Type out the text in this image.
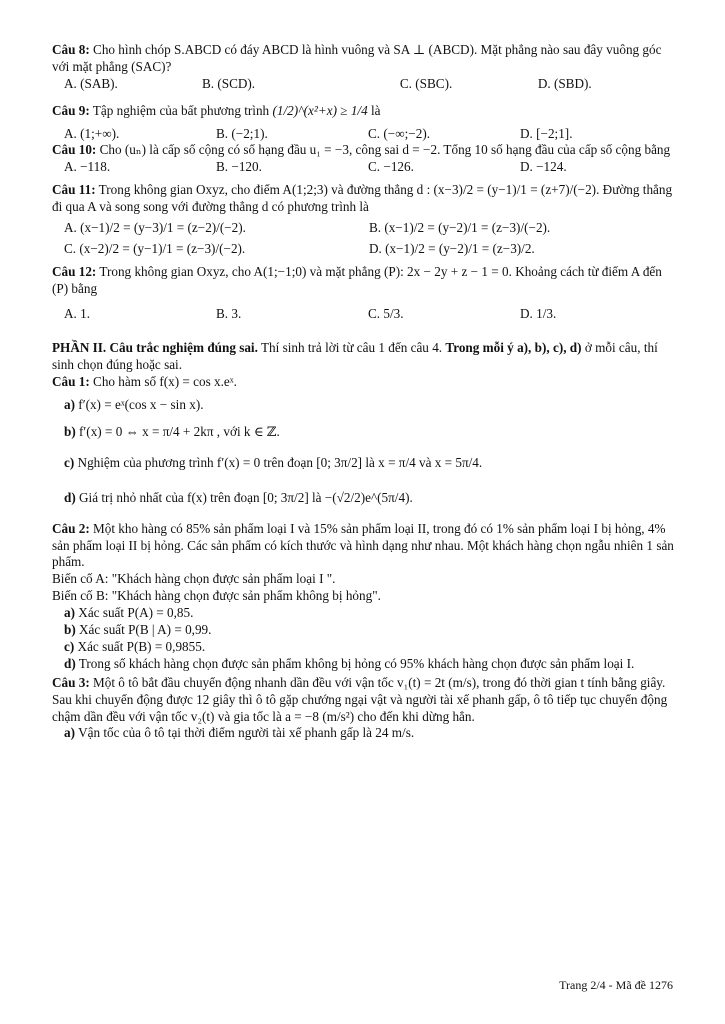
Câu 8: Cho hình chóp S.ABCD có đáy ABCD là hình vuông và SA ⊥ (ABCD). Mặt phẳng nào sau đây vuông góc với mặt phẳng (SAC)?

A. (SAB).	B. (SCD).	C. (SBC).	D. (SBD).

Câu 9: Tập nghiệm của bất phương trình (1/2)^(x²+x) ≥ 1/4 là

A. (1;+∞).	B. (−2;1).	C. (−∞;−2).	D. [−2;1].

Câu 10: Cho (uₙ) là cấp số cộng có số hạng đầu u₁ = −3, công sai d = −2. Tổng 10 số hạng đầu của cấp số cộng bằng

A. −118.	B. −120.	C. −126.	D. −124.

Câu 11: Trong không gian Oxyz, cho điểm A(1;2;3) và đường thẳng d : (x−3)/2 = (y−1)/1 = (z+7)/(−2). Đường thẳng đi qua A và song song với đường thẳng d có phương trình là

A. (x−1)/2 = (y−3)/1 = (z−2)/(−2).	B. (x−1)/2 = (y−2)/1 = (z−3)/(−2).
C. (x−2)/2 = (y−1)/1 = (z−3)/(−2).	D. (x−1)/2 = (y−2)/1 = (z−3)/2.

Câu 12: Trong không gian Oxyz, cho A(1;−1;0) và mặt phẳng (P): 2x − 2y + z − 1 = 0. Khoảng cách từ điểm A đến (P) bằng

A. 1.	B. 3.	C. 5/3.	D. 1/3.

PHẦN II. Câu trắc nghiệm đúng sai. Thí sinh trả lời từ câu 1 đến câu 4. Trong mỗi ý a), b), c), d) ở mỗi câu, thí sinh chọn đúng hoặc sai.

Câu 1: Cho hàm số f(x) = cos x.eˣ.

a) f′(x) = eˣ(cos x − sin x).

b) f′(x) = 0 ⇔ x = π/4 + 2kπ , với k ∈ ℤ.

c) Nghiệm của phương trình f′(x) = 0 trên đoạn [0; 3π/2] là x = π/4 và x = 5π/4.

d) Giá trị nhỏ nhất của f(x) trên đoạn [0; 3π/2] là −(√2/2)e^(5π/4).

Câu 2: Một kho hàng có 85% sản phẩm loại I và 15% sản phẩm loại II, trong đó có 1% sản phẩm loại I bị hỏng, 4% sản phẩm loại II bị hỏng. Các sản phẩm có kích thước và hình dạng như nhau. Một khách hàng chọn ngẫu nhiên 1 sản phẩm.

Biến cố A: "Khách hàng chọn được sản phẩm loại I ".

Biến cố B: "Khách hàng chọn được sản phẩm không bị hỏng".

a) Xác suất P(A) = 0,85.

b) Xác suất P(B | A) = 0,99.

c) Xác suất P(B) = 0,9855.

d) Trong số khách hàng chọn được sản phẩm không bị hỏng có 95% khách hàng chọn được sản phẩm loại I.

Câu 3: Một ô tô bắt đầu chuyển động nhanh dần đều với vận tốc v₁(t) = 2t (m/s), trong đó thời gian t tính bằng giây. Sau khi chuyển động được 12 giây thì ô tô gặp chướng ngại vật và người tài xế phanh gấp, ô tô tiếp tục chuyển động chậm dần đều với vận tốc v₂(t) và gia tốc là a = −8 (m/s²) cho đến khi dừng hẳn.

a) Vận tốc của ô tô tại thời điểm người tài xế phanh gấp là 24 m/s.

Trang 2/4 - Mã đề 1276
